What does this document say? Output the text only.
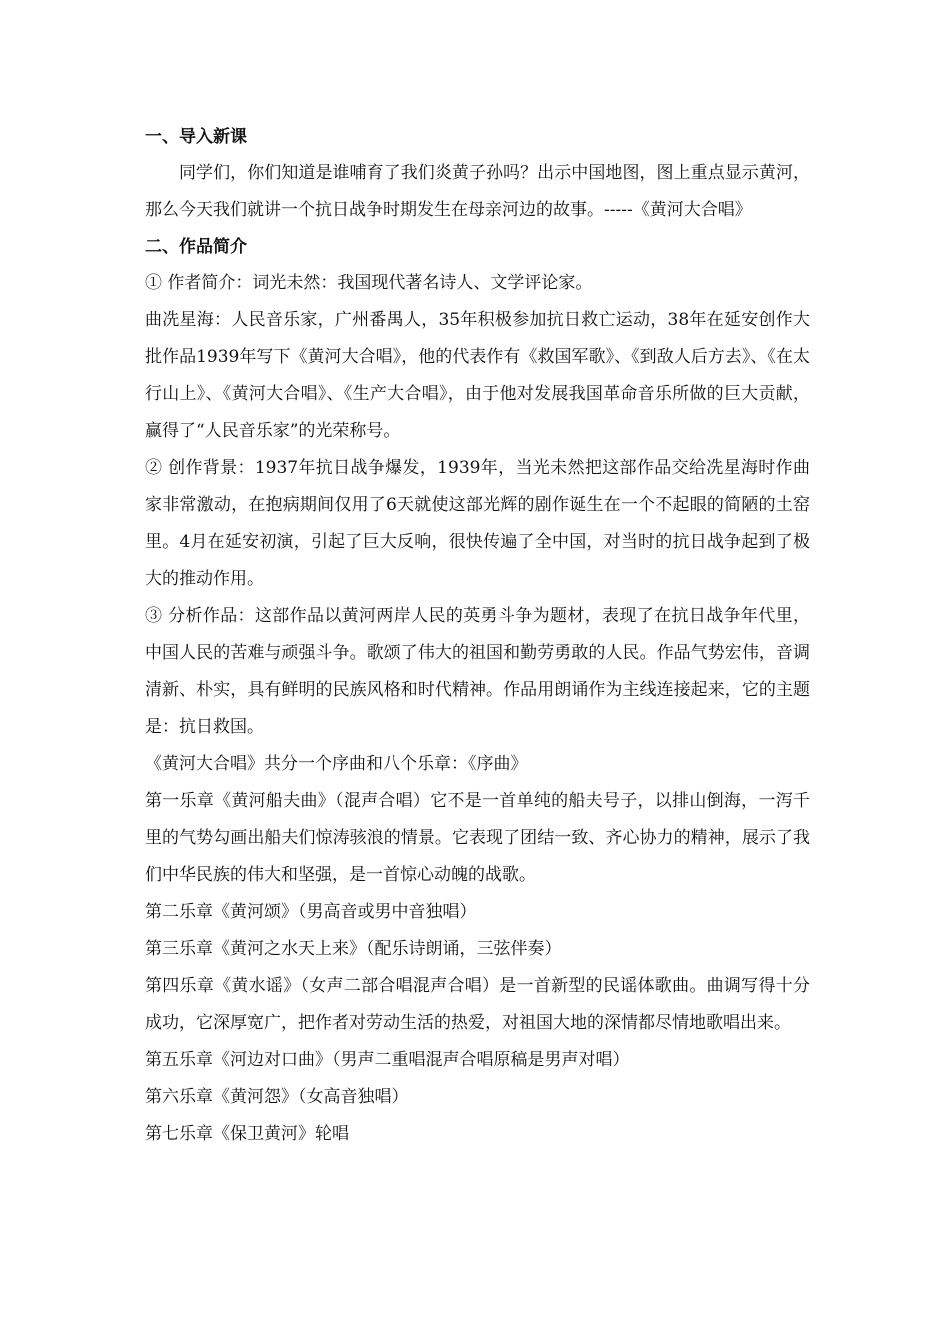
一、导入新课

同学们，你们知道是谁哺育了我们炎黄子孙吗？出示中国地图，图上重点显示黄河，那么今天我们就讲一个抗日战争时期发生在母亲河边的故事。-----《黄河大合唱》

二、作品简介

① 作者简介：词光未然：我国现代著名诗人、文学评论家。

曲冼星海：人民音乐家，广州番禺人，35年积极参加抗日救亡运动，38年在延安创作大批作品1939年写下《黄河大合唱》，他的代表作有《救国军歌》、《到敌人后方去》、《在太行山上》、《黄河大合唱》、《生产大合唱》，由于他对发展我国革命音乐所做的巨大贡献，赢得了“人民音乐家”的光荣称号。

② 创作背景：1937年抗日战争爆发，1939年，当光未然把这部作品交给冼星海时作曲家非常激动，在抱病期间仅用了6天就使这部光辉的剧作诞生在一个不起眼的简陋的土窑里。4月在延安初演，引起了巨大反响，很快传遍了全中国，对当时的抗日战争起到了极大的推动作用。

③ 分析作品：这部作品以黄河两岸人民的英勇斗争为题材，表现了在抗日战争年代里，中国人民的苦难与顽强斗争。歌颂了伟大的祖国和勤劳勇敢的人民。作品气势宏伟，音调清新、朴实，具有鲜明的民族风格和时代精神。作品用朗诵作为主线连接起来，它的主题是：抗日救国。

《黄河大合唱》共分一个序曲和八个乐章：《序曲》

第一乐章《黄河船夫曲》（混声合唱）它不是一首单纯的船夫号子，以排山倒海，一泻千里的气势勾画出船夫们惊涛骇浪的情景。它表现了团结一致、齐心协力的精神，展示了我们中华民族的伟大和坚强，是一首惊心动魄的战歌。

第二乐章《黄河颂》（男高音或男中音独唱）

第三乐章《黄河之水天上来》（配乐诗朗诵，三弦伴奏）

第四乐章《黄水谣》（女声二部合唱混声合唱）是一首新型的民谣体歌曲。曲调写得十分成功，它深厚宽广，把作者对劳动生活的热爱，对祖国大地的深情都尽情地歌唱出来。

第五乐章《河边对口曲》（男声二重唱混声合唱原稿是男声对唱）

第六乐章《黄河怨》（女高音独唱）

第七乐章《保卫黄河》轮唱
